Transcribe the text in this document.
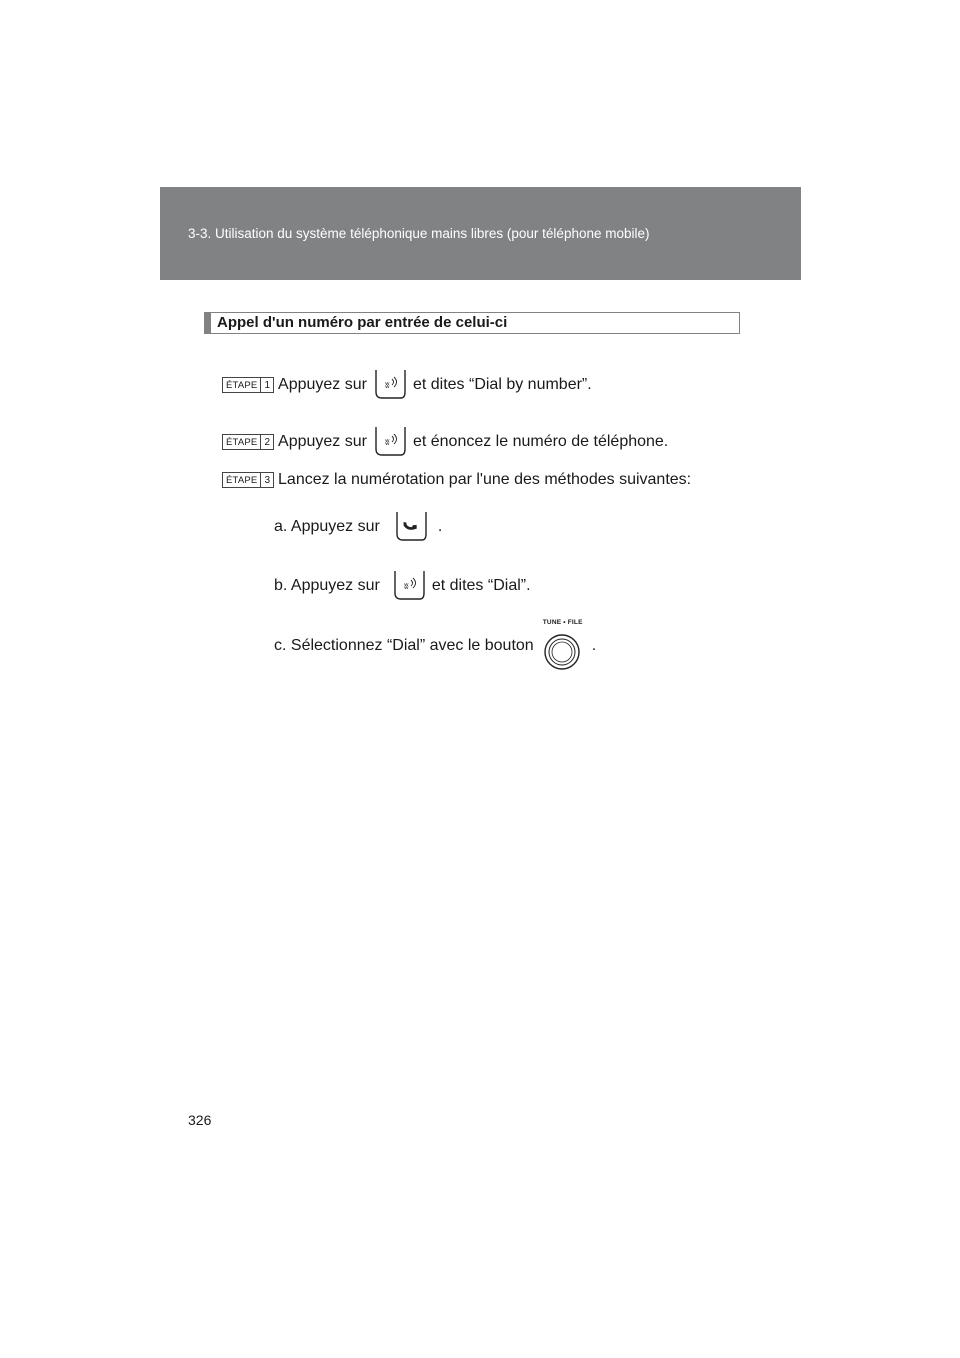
3-3. Utilisation du système téléphonique mains libres (pour téléphone mobile)
Appel d'un numéro par entrée de celui-ci
ÉTAPE 1 Appuyez sur ʬ et dites “Dial by number”.
ÉTAPE 2 Appuyez sur ʬ et énoncez le numéro de téléphone.
ÉTAPE 3 Lancez la numérotation par l'une des méthodes suivantes:
a. Appuyez sur	.
b. Appuyez sur	ʬ et dites “Dial”.
c. Sélectionnez “Dial” avec le bouton
TUNE • FILE
.
326
